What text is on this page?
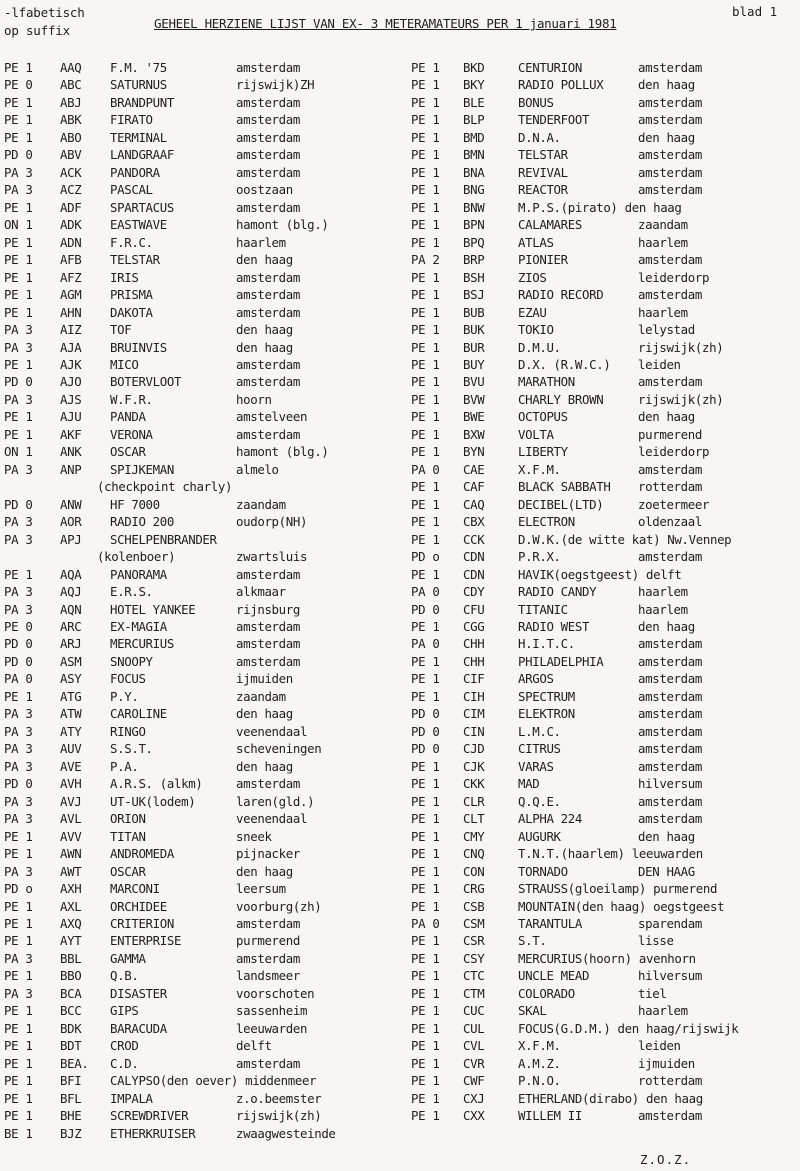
-lfabetisch
op suffix	GEHEEL HERZIENE LIJST VAN EX- 3 METERAMATEURS PER 1 januari 1981
blad 1
PE 1 AAQ F.M. '75	amsterdam
PE 0 ABC SATURNUS	rijswijk)ZH
PE 1 ABJ BRANDPUNT	amsterdam
PE 1 ABK FIRATO	amsterdam
PE 1 ABO TERMINAL	amsterdam
PD 0 ABV LANDGRAAF	amsterdam
PA 3 ACK PANDORA	amsterdam
PA 3 ACZ PASCAL	oostzaan
PE 1 ADF SPARTACUS	amsterdam
ON 1 ADK EASTWAVE	hamont (blg.)
PE 1 ADN F.R.C.	haarlem
PE 1 AFB TELSTAR	den haag
PE 1 AFZ IRIS	amsterdam
PE 1 AGM PRISMA	amsterdam
PE 1 AHN DAKOTA	amsterdam
PA 3 AIZ TOF	den haag
PA 3 AJA BRUINVIS	den haag
PE 1 AJK MICO	amsterdam
PD 0 AJO BOTERVLOOT	amsterdam
PA 3 AJS W.F.R.	hoorn
PE 1 AJU PANDA	amstelveen
PE 1 AKF VERONA	amsterdam
ON 1 ANK OSCAR	hamont (blg.)
PA 3 ANP SPIJKEMAN	almelo
(checkpoint charly)
PD 0 ANW HF 7000	zaandam
PA 3 AOR RADIO 200	oudorp(NH)
PA 3 APJ SCHELPENBRANDER
(kolenboer)	zwartsluis
PE 1 AQA PANORAMA	amsterdam
PA 3 AQJ E.R.S.	alkmaar
PA 3 AQN HOTEL YANKEE	rijnsburg
PE 0 ARC EX-MAGIA	amsterdam
PD 0 ARJ MERCURIUS	amsterdam
PD 0 ASM SNOOPY	amsterdam
PA 0 ASY FOCUS	ijmuiden
PE 1 ATG P.Y.	zaandam
PA 3 ATW CAROLINE	den haag
PA 3 ATY RINGO	veenendaal
PA 3 AUV S.S.T.	scheveningen
PA 3 AVE P.A.	den haag
PD 0 AVH A.R.S. (alkm)	amsterdam
PA 3 AVJ UT-UK(lodem)	laren(gld.)
PA 3 AVL ORION	veenendaal
PE 1 AVV TITAN	sneek
PE 1 AWN ANDROMEDA	pijnacker
PA 3 AWT OSCAR	den haag
PD o AXH MARCONI	leersum
PE 1 AXL ORCHIDEE	voorburg(zh)
PE 1 AXQ CRITERION	amsterdam
PE 1 AYT ENTERPRISE	purmerend
PA 3 BBL GAMMA	amsterdam
PE 1 BBO Q.B.	landsmeer
PA 3 BCA DISASTER	voorschoten
PE 1 BCC GIPS	sassenheim
PE 1 BDK BARACUDA	leeuwarden
PE 1 BDT CROD	delft
PE 1 BEA. C.D.	amsterdam
PE 1 BFI CALYPSO(den oever) middenmeer
PE 1 BFL IMPALA	z.o.beemster
PE 1 BHE SCREWDRIVER	rijswijk(zh)
BE 1 BJZ ETHERKRUISER	zwaagwesteinde
PE 1 BKD	CENTURION	amsterdam
PE 1 BKY	RADIO POLLUX	den haag
PE 1 BLE	BONUS	amsterdam
PE 1 BLP	TENDERFOOT	amsterdam
PE 1 BMD	D.N.A.	den haag
PE 1 BMN	TELSTAR	amsterdam
PE 1 BNA	REVIVAL	amsterdam
PE 1 BNG	REACTOR	amsterdam
PE 1 BNW	M.P.S.(pirato) den haag
PE 1 BPN	CALAMARES	zaandam
PE 1 BPQ	ATLAS	haarlem
PA 2 BRP	PIONIER	amsterdam
PE 1 BSH	ZIOS	leiderdorp
PE 1 BSJ	RADIO RECORD	amsterdam
PE 1 BUB	EZAU	haarlem
PE 1 BUK	TOKIO	lelystad
PE 1 BUR	D.M.U.	rijswijk(zh)
PE 1 BUY	D.X. (R.W.C.) leiden
PE 1 BVU	MARATHON	amsterdam
PE 1 BVW	CHARLY BROWN	rijswijk(zh)
PE 1 BWE	OCTOPUS	den haag
PE 1 BXW	VOLTA	purmerend
PE 1 BYN	LIBERTY	leiderdorp
PA 0 CAE	X.F.M.	amsterdam
PE 1 CAF	BLACK SABBATH rotterdam
PE 1 CAQ	DECIBEL(LTD)	zoetermeer
PE 1 CBX	ELECTRON	oldenzaal
PE 1 CCK	D.W.K.(de witte kat) Nw.Vennep
PD o CDN	P.R.X.	amsterdam
PE 1 CDN	HAVIK(oegstgeest) delft
PA 0 CDY	RADIO CANDY	haarlem
PD 0 CFU	TITANIC	haarlem
PE 1 CGG	RADIO WEST	den haag
PA 0 CHH	H.I.T.C.	amsterdam
PE 1 CHH	PHILADELPHIA	amsterdam
PE 1 CIF	ARGOS	amsterdam
PE 1 CIH	SPECTRUM	amsterdam
PD 0 CIM	ELEKTRON	amsterdam
PD 0 CIN	L.M.C.	amsterdam
PD 0 CJD	CITRUS	amsterdam
PE 1 CJK	VARAS	amsterdam
PE 1 CKK	MAD	hilversum
PE 1 CLR	Q.Q.E.	amsterdam
PE 1 CLT	ALPHA 224	amsterdam
PE 1 CMY	AUGURK	den haag
PE 1 CNQ	T.N.T.(haarlem) leeuwarden
PE 1 CON	TORNADO	DEN HAAG
PE 1 CRG	STRAUSS(gloeilamp) purmerend
PE 1 CSB	MOUNTAIN(den haag) oegstgeest
PA 0 CSM	TARANTULA	sparendam
PE 1 CSR	S.T.	lisse
PE 1 CSY	MERCURIUS(hoorn) avenhorn
PE 1 CTC	UNCLE MEAD	hilversum
PE 1 CTM	COLORADO	tiel
PE 1 CUC	SKAL	haarlem
PE 1 CUL	FOCUS(G.D.M.) den haag/rijswijk
PE 1 CVL	X.F.M.	leiden
PE 1 CVR	A.M.Z.	ijmuiden
PE 1 CWF	P.N.O.	rotterdam
PE 1 CXJ	ETHERLAND(dirabo) den haag
PE 1 CXX	WILLEM II	amsterdam
Z.O.Z.
